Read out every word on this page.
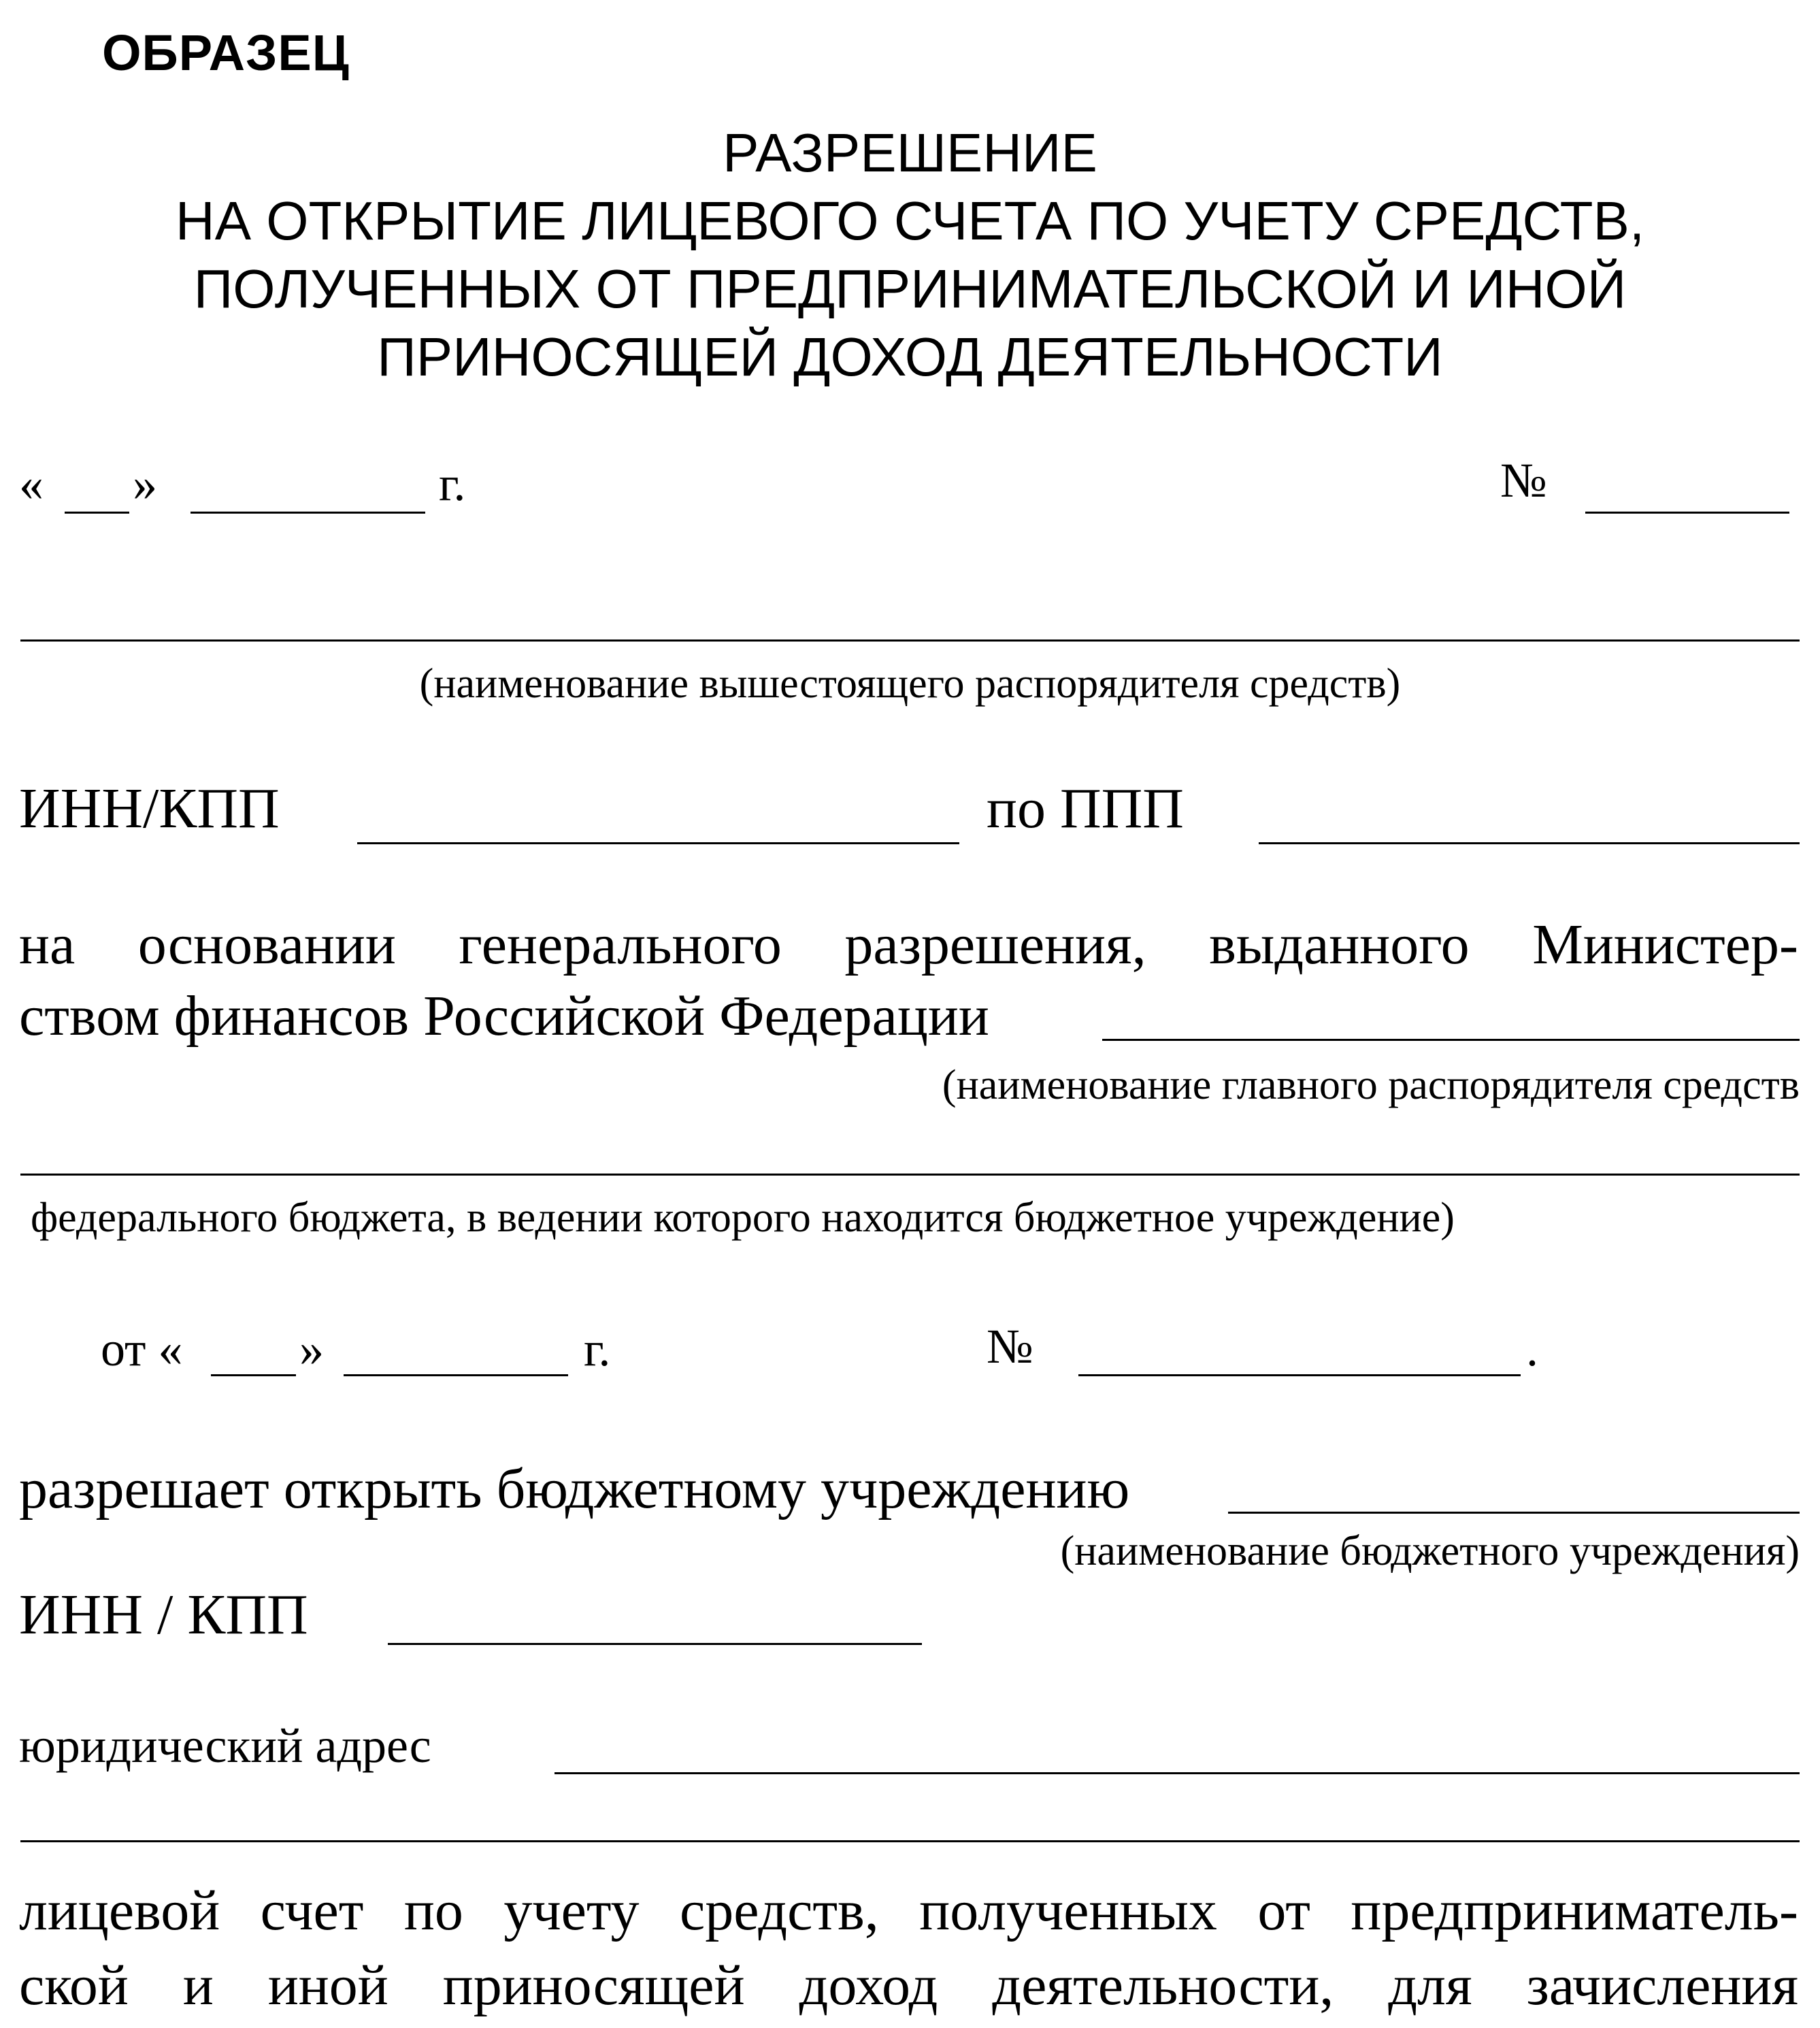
ОБРАЗЕЦ
РАЗРЕШЕНИЕ
НА ОТКРЫТИЕ ЛИЦЕВОГО СЧЕТА ПО УЧЕТУ СРЕДСТВ,
ПОЛУЧЕННЫХ ОТ ПРЕДПРИНИМАТЕЛЬСКОЙ И ИНОЙ
ПРИНОСЯЩЕЙ ДОХОД ДЕЯТЕЛЬНОСТИ
« »	г.	№
(наименование вышестоящего распорядителя средств)
ИНН/КПП	по ППП
на основании генерального разрешения, выданного Министер-
ством финансов Российской Федерации
(наименование главного распорядителя средств
федерального бюджета, в ведении которого находится бюджетное учреждение)
от « »	г.	№	.
разрешает открыть бюджетному учреждению
(наименование бюджетного учреждения)
ИНН / КПП
юридический адрес
лицевой счет по учету средств, полученных от предприниматель-
ской и иной приносящей доход деятельности, для зачисления
